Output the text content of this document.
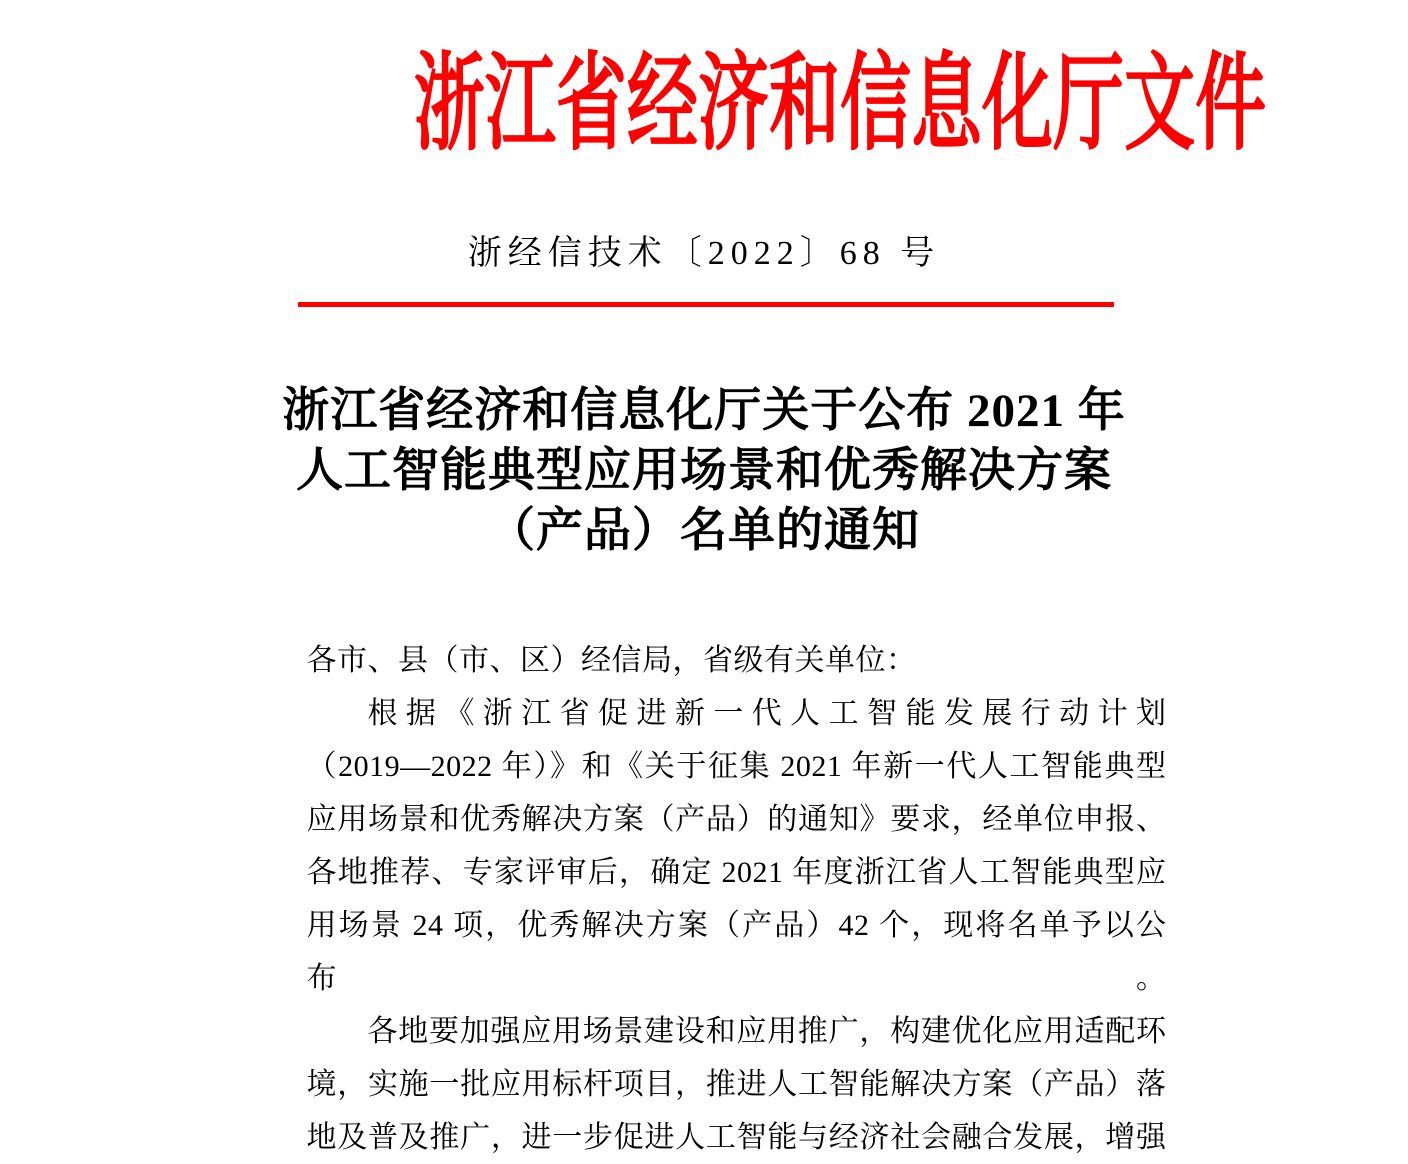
浙江省经济和信息化厅文件
浙经信技术〔2022〕68 号
浙江省经济和信息化厅关于公布 2021 年
人工智能典型应用场景和优秀解决方案
（产品）名单的通知
各市、县（市、区）经信局，省级有关单位：
根据《浙江省促进新一代人工智能发展行动计划
（2019—2022 年）》和《关于征集 2021 年新一代人工智能典型
应用场景和优秀解决方案（产品）的通知》要求，经单位申报、
各地推荐、专家评审后，确定 2021 年度浙江省人工智能典型应
用场景 24 项，优秀解决方案（产品）42 个，现将名单予以公布。
各地要加强应用场景建设和应用推广，构建优化应用适配环
境，实施一批应用标杆项目，推进人工智能解决方案（产品）落
地及普及推广，进一步促进人工智能与经济社会融合发展，增强
